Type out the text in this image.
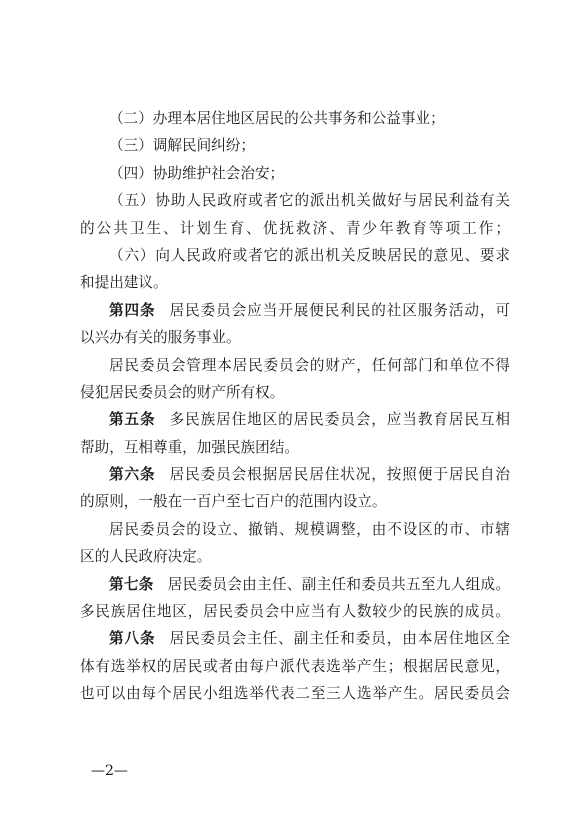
（二）办理本居住地区居民的公共事务和公益事业；
（三）调解民间纠纷；
（四）协助维护社会治安；
（五）协助人民政府或者它的派出机关做好与居民利益有关
的公共卫生、计划生育、优抚救济、青少年教育等项工作；
（六）向人民政府或者它的派出机关反映居民的意见、要求
和提出建议。
第四条 居民委员会应当开展便民利民的社区服务活动，可
以兴办有关的服务事业。
居民委员会管理本居民委员会的财产，任何部门和单位不得
侵犯居民委员会的财产所有权。
第五条 多民族居住地区的居民委员会，应当教育居民互相
帮助，互相尊重，加强民族团结。
第六条 居民委员会根据居民居住状况，按照便于居民自治
的原则，一般在一百户至七百户的范围内设立。
居民委员会的设立、撤销、规模调整，由不设区的市、市辖
区的人民政府决定。
第七条 居民委员会由主任、副主任和委员共五至九人组成。
多民族居住地区，居民委员会中应当有人数较少的民族的成员。
第八条 居民委员会主任、副主任和委员，由本居住地区全
体有选举权的居民或者由每户派代表选举产生；根据居民意见，
也可以由每个居民小组选举代表二至三人选举产生。居民委员会
—2—
